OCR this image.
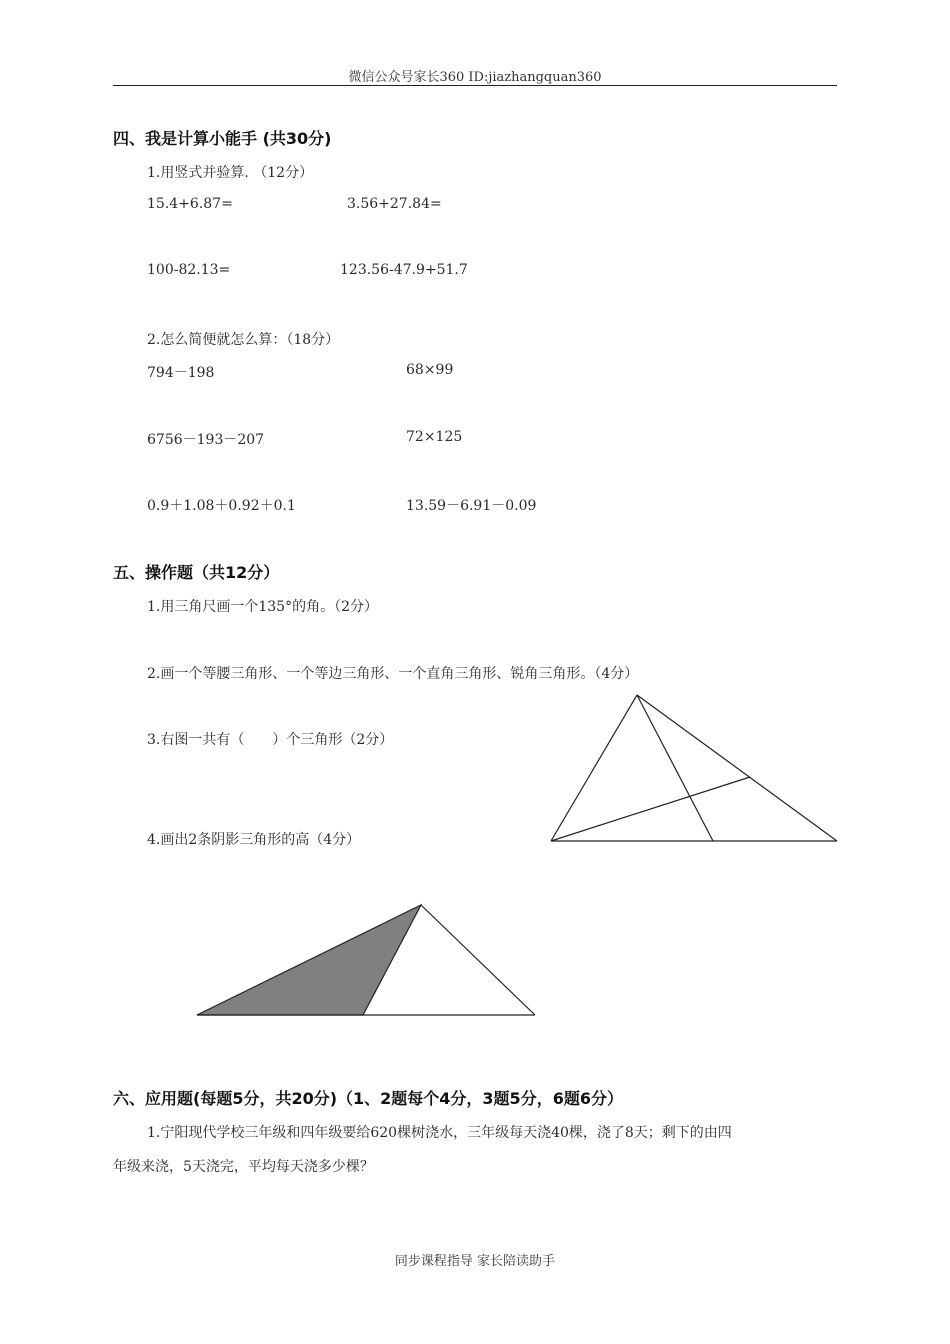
微信公众号家长360 ID:jiazhangquan360
四、我是计算小能手 (共30分)
1.用竖式并验算. （12分）
15.4+6.87=	3.56+27.84=
100-82.13=	123.56-47.9+51.7
2.怎么简便就怎么算：（18分）
794－198	68×99
6756－193－207	72×125
0.9＋1.08＋0.92＋0.1	13.59－6.91－0.09
五、操作题（共12分）
1.用三角尺画一个135°的角。（2分）
2.画一个等腰三角形、一个等边三角形、一个直角三角形、锐角三角形。（4分）
3.右图一共有（　　）个三角形（2分）
4.画出2条阴影三角形的高（4分）
六、应用题(每题5分，共20分)（1、2题每个4分，3题5分，6题6分）
1.宁阳现代学校三年级和四年级要给620棵树浇水，三年级每天浇40棵，浇了8天；剩下的由四
年级来浇，5天浇完，平均每天浇多少棵？
同步课程指导 家长陪读助手
